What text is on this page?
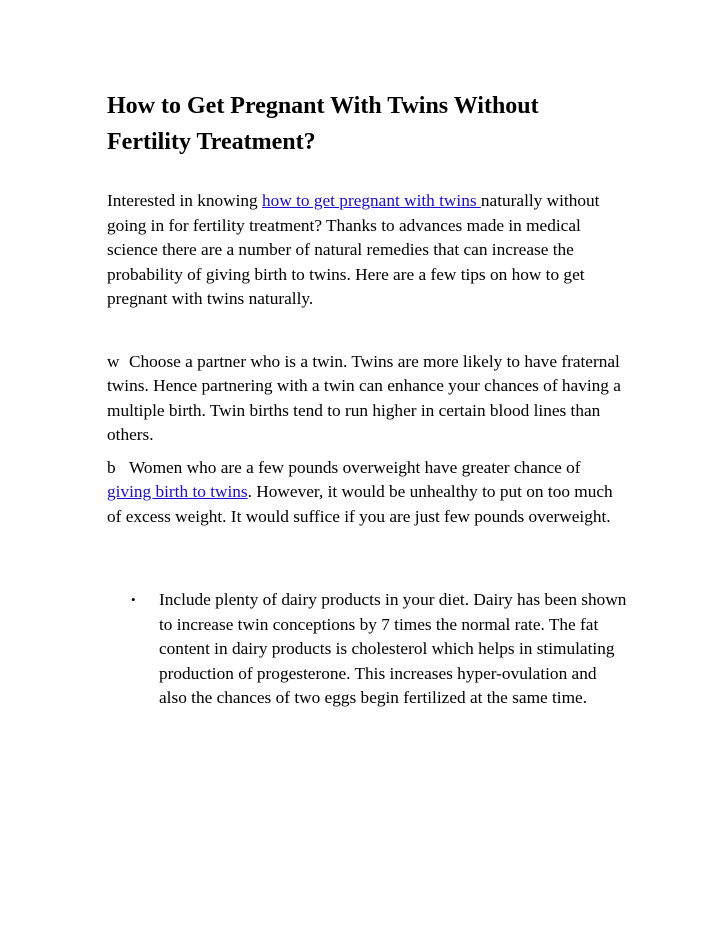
How to Get Pregnant With Twins Without Fertility Treatment?

Interested in knowing how to get pregnant with twins naturally without going in for fertility treatment? Thanks to advances made in medical science there are a number of natural remedies that can increase the probability of giving birth to twins. Here are a few tips on how to get pregnant with twins naturally.

w Choose a partner who is a twin. Twins are more likely to have fraternal twins. Hence partnering with a twin can enhance your chances of having a multiple birth. Twin births tend to run higher in certain blood lines than others.

b Women who are a few pounds overweight have greater chance of giving birth to twins. However, it would be unhealthy to put on too much of excess weight. It would suffice if you are just few pounds overweight.

• Include plenty of dairy products in your diet. Dairy has been shown to increase twin conceptions by 7 times the normal rate. The fat content in dairy products is cholesterol which helps in stimulating production of progesterone. This increases hyper-ovulation and also the chances of two eggs begin fertilized at the same time.
